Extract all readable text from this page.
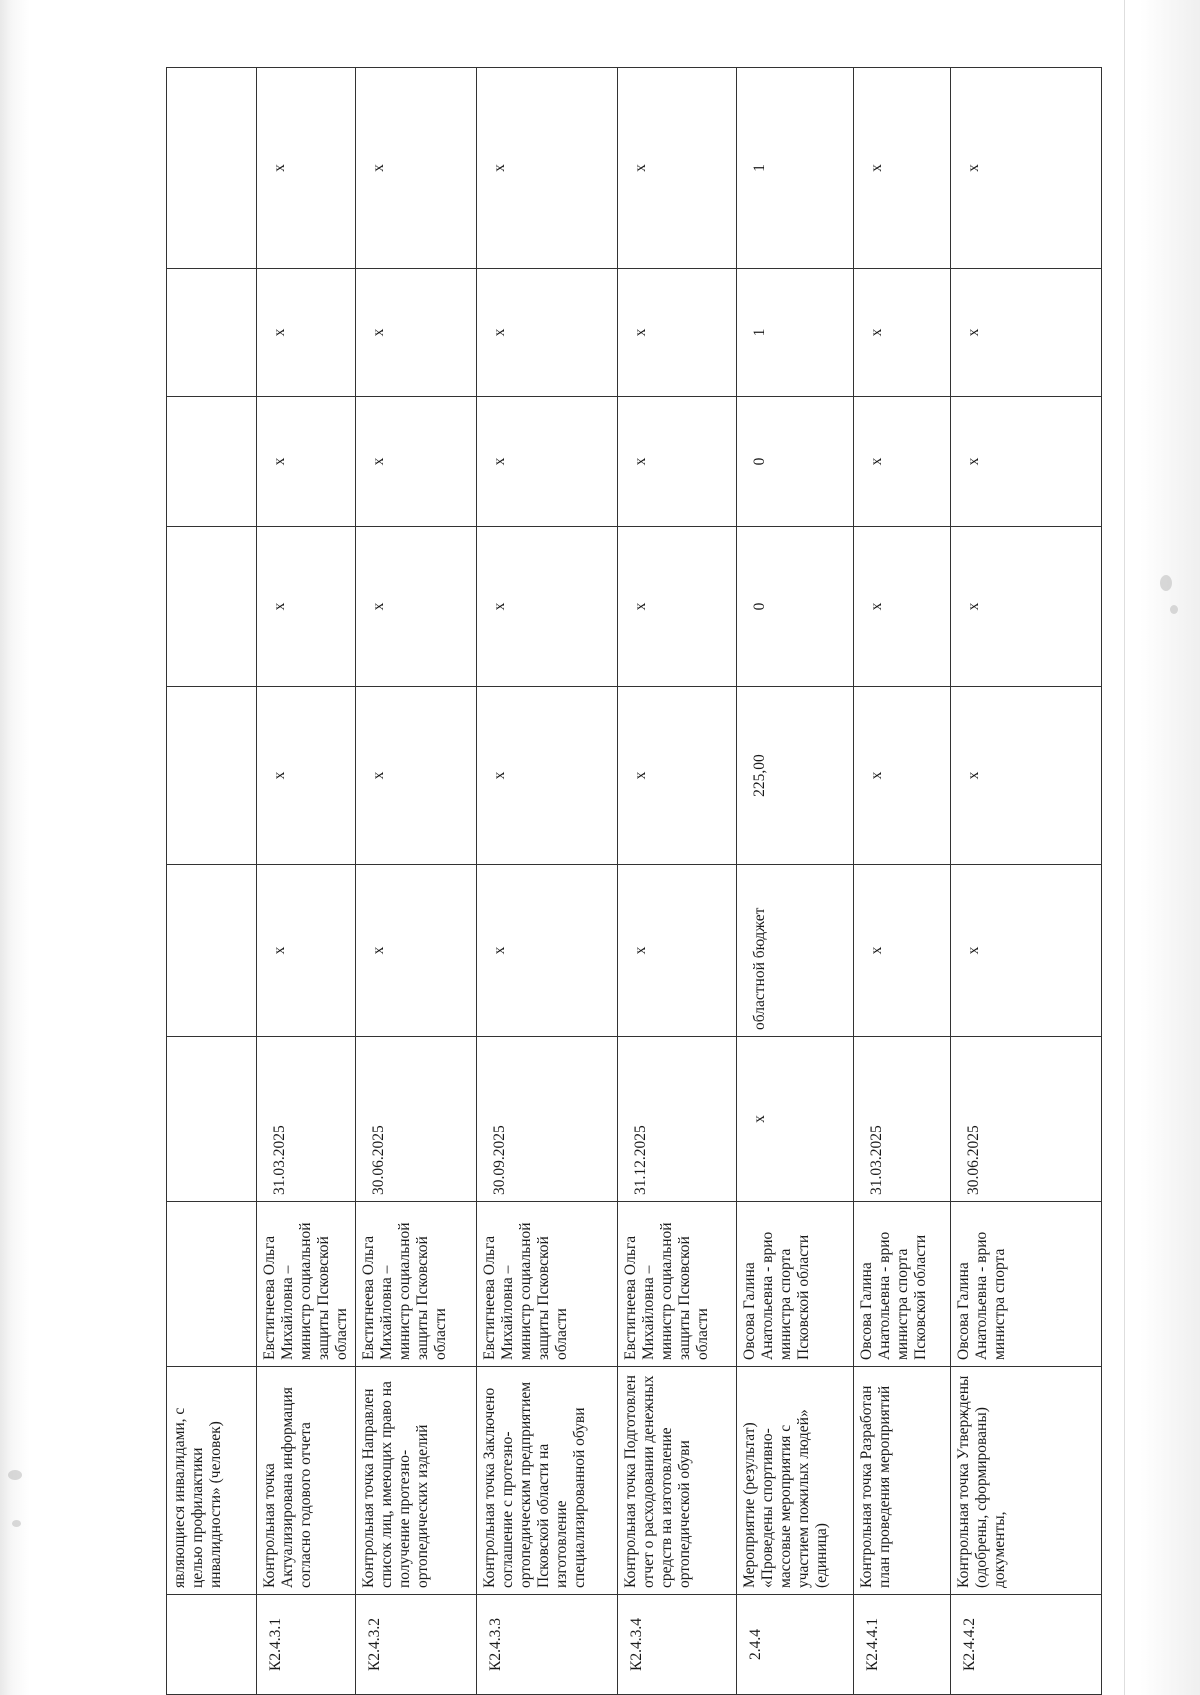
	являющиеся инвалидами, с целью профилактики инвалидности» (человек)								
К2.4.3.1	Контрольная точка Актуализирована информация согласно годового отчета	Евстигнеева Ольга Михайловна – министр социальной защиты Псковской области	31.03.2025	х	х	х	х	х	х
К2.4.3.2	Контрольная точка Направлен список лиц, имеющих право на получение протезно-ортопедических изделий	Евстигнеева Ольга Михайловна – министр социальной защиты Псковской области	30.06.2025	х	х	х	х	х	х
К2.4.3.3	Контрольная точка Заключено соглашение с протезно-ортопедическим предприятием Псковской области на изготовление специализированной обуви	Евстигнеева Ольга Михайловна – министр социальной защиты Псковской области	30.09.2025	х	х	х	х	х	х
К2.4.3.4	Контрольная точка Подготовлен отчет о расходовании денежных средств на изготовление ортопедической обуви	Евстигнеева Ольга Михайловна – министр социальной защиты Псковской области	31.12.2025	х	х	х	х	х	х
2.4.4	Мероприятие (результат) «Проведены спортивно-массовые мероприятия с участием пожилых людей» (единица)	Овсова Галина Анатольевна - врио министра спорта Псковской области	х	областной бюджет	225,00	0	0	1	1
К2.4.4.1	Контрольная точка Разработан план проведения мероприятий	Овсова Галина Анатольевна - врио министра спорта Псковской области	31.03.2025	х	х	х	х	х	х
К2.4.4.2	Контрольная точка Утверждены (одобрены, сформированы) документы,	Овсова Галина Анатольевна - врио министра спорта	30.06.2025	х	х	х	х	х	х
